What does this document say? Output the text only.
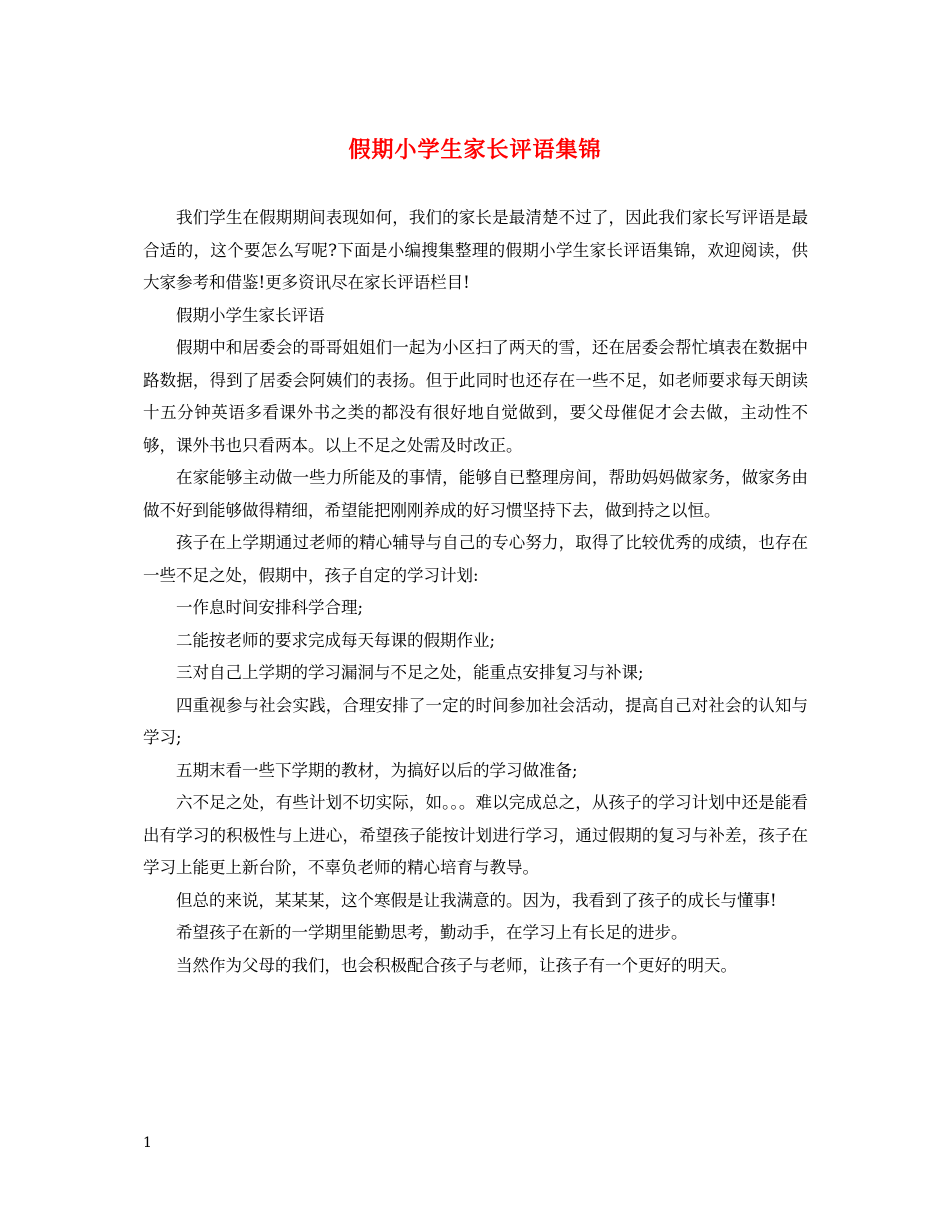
假期小学生家长评语集锦

我们学生在假期期间表现如何，我们的家长是最清楚不过了，因此我们家长写评语是最合适的，这个要怎么写呢?下面是小编搜集整理的假期小学生家长评语集锦，欢迎阅读，供大家参考和借鉴!更多资讯尽在家长评语栏目!

假期小学生家长评语

假期中和居委会的哥哥姐姐们一起为小区扫了两天的雪，还在居委会帮忙填表在数据中路数据，得到了居委会阿姨们的表扬。但于此同时也还存在一些不足，如老师要求每天朗读十五分钟英语多看课外书之类的都没有很好地自觉做到，要父母催促才会去做，主动性不够，课外书也只看两本。以上不足之处需及时改正。

在家能够主动做一些力所能及的事情，能够自已整理房间，帮助妈妈做家务，做家务由做不好到能够做得精细，希望能把刚刚养成的好习惯坚持下去，做到持之以恒。

孩子在上学期通过老师的精心辅导与自己的专心努力，取得了比较优秀的成绩，也存在一些不足之处，假期中，孩子自定的学习计划:

一作息时间安排科学合理;

二能按老师的要求完成每天每课的假期作业;

三对自己上学期的学习漏洞与不足之处，能重点安排复习与补课;

四重视参与社会实践，合理安排了一定的时间参加社会活动，提高自己对社会的认知与学习;

五期末看一些下学期的教材，为搞好以后的学习做准备;

六不足之处，有些计划不切实际，如。。。难以完成总之，从孩子的学习计划中还是能看出有学习的积极性与上进心，希望孩子能按计划进行学习，通过假期的复习与补差，孩子在学习上能更上新台阶，不辜负老师的精心培育与教导。

但总的来说，某某某，这个寒假是让我满意的。因为，我看到了孩子的成长与懂事!

希望孩子在新的一学期里能勤思考，勤动手，在学习上有长足的进步。

当然作为父母的我们，也会积极配合孩子与老师，让孩子有一个更好的明天。

1
